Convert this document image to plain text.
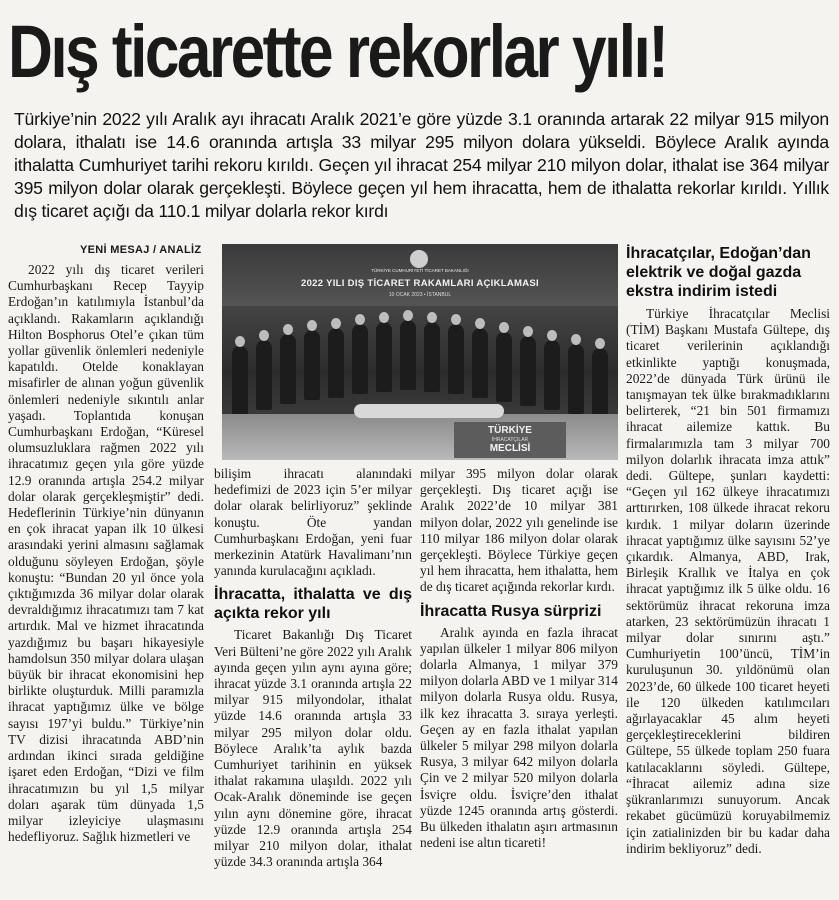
Dış ticarette rekorlar yılı!
Türkiye’nin 2022 yılı Aralık ayı ihracatı Aralık 2021’e göre yüzde 3.1 oranında artarak 22 milyar 915 milyon dolara, ithalatı ise 14.6 oranında artışla 33 milyar 295 milyon dolara yükseldi. Böylece Aralık ayında ithalatta Cumhuriyet tarihi rekoru kırıldı. Geçen yıl ihracat 254 milyar 210 milyon dolar, ithalat ise 364 milyar 395 milyon dolar olarak gerçekleşti. Böylece geçen yıl hem ihracatta, hem de ithalatta rekorlar kırıldı. Yıllık dış ticaret açığı da 110.1 milyar dolarla rekor kırdı
YENİ MESAJ / ANALİZ

2022 yılı dış ticaret verileri Cumhurbaşkanı Recep Tayyip Erdoğan’ın katılımıyla İstanbul’da açıklandı. Rakamların açıklandığı Hilton Bosphorus Otel’e çıkan tüm yollar güvenlik önlemleri nedeniyle kapatıldı. Otelde konaklayan misafirler de alınan yoğun güvenlik önlemleri nedeniyle sıkıntılı anlar yaşadı. Toplantıda konuşan Cumhurbaşkanı Erdoğan, “Küresel olumsuzluklara rağmen 2022 yılı ihracatımız geçen yıla göre yüzde 12.9 oranında artışla 254.2 milyar dolar olarak gerçekleşmiştir” dedi. Hedeflerinin Türkiye’nin dünyanın en çok ihracat yapan ilk 10 ülkesi arasındaki yerini almasını sağlamak olduğunu söyleyen Erdoğan, şöyle konuştu: “Bundan 20 yıl önce yola çıktığımızda 36 milyar dolar olarak devraldığımız ihracatımızı tam 7 kat artırdık. Mal ve hizmet ihracatında yazdığımız bu başarı hikayesiyle hamdolsun 350 milyar dolara ulaşan büyük bir ihracat ekonomisini hep birlikte oluşturduk. Milli paramızla ihracat yaptığımız ülke ve bölge sayısı 197’yi buldu.” Türkiye’nin TV dizisi ihracatında ABD’nin ardından ikinci sırada geldiğine işaret eden Erdoğan, “Dizi ve film ihracatımızın bu yıl 1,5 milyar doları aşarak tüm dünyada 1,5 milyar izleyiciye ulaşmasını hedefliyoruz. Sağlık hizmetleri ve

TÜRKİYE CUMHURİYETİ TİCARET BAKANLIĞI
2022 YILI DIŞ TİCARET RAKAMLARI AÇIKLAMASI
10 OCAK 2023 • İSTANBUL
TÜRKİYE
İHRACATÇILAR
MECLİSİ

bilişim ihracatı alanındaki hedefimizi de 2023 için 5’er milyar dolar olarak belirliyoruz” şeklinde konuştu. Öte yandan Cumhurbaşkanı Erdoğan, yeni fuar merkezinin Atatürk Havalimanı’nın yanında kurulacağını açıkladı.

İhracatta, ithalatta ve dış açıkta rekor yılı

Ticaret Bakanlığı Dış Ticaret Veri Bülteni’ne göre 2022 yılı Aralık ayında geçen yılın aynı ayına göre; ihracat yüzde 3.1 oranında artışla 22 milyar 915 milyondolar, ithalat yüzde 14.6 oranında artışla 33 milyar 295 milyon dolar oldu. Böylece Aralık’ta aylık bazda Cumhuriyet tarihinin en yüksek ithalat rakamına ulaşıldı. 2022 yılı Ocak-Aralık döneminde ise geçen yılın aynı dönemine göre, ihracat yüzde 12.9 oranında artışla 254 milyar 210 milyon dolar, ithalat yüzde 34.3 oranında artışla 364

milyar 395 milyon dolar olarak gerçekleşti. Dış ticaret açığı ise Aralık 2022’de 10 milyar 381 milyon dolar, 2022 yılı genelinde ise 110 milyar 186 milyon dolar olarak gerçekleşti. Böylece Türkiye geçen yıl hem ihracatta, hem ithalatta, hem de dış ticaret açığında rekorlar kırdı.

İhracatta Rusya sürprizi

Aralık ayında en fazla ihracat yapılan ülkeler 1 milyar 806 milyon dolarla Almanya, 1 milyar 379 milyon dolarla ABD ve 1 milyar 314 milyon dolarla Rusya oldu. Rusya, ilk kez ihracatta 3. sıraya yerleşti. Geçen ay en fazla ithalat yapılan ülkeler 5 milyar 298 milyon dolarla Rusya, 3 milyar 642 milyon dolarla Çin ve 2 milyar 520 milyon dolarla İsviçre oldu. İsviçre’den ithalat yüzde 1245 oranında artış gösterdi. Bu ülkeden ithalatın aşırı artmasının nedeni ise altın ticareti!

İhracatçılar, Edoğan’dan elektrik ve doğal gazda ekstra indirim istedi

Türkiye İhracatçılar Meclisi (TİM) Başkanı Mustafa Gültepe, dış ticaret verilerinin açıklandığı etkinlikte yaptığı konuşmada, 2022’de dünyada Türk ürünü ile tanışmayan tek ülke bırakmadıklarını belirterek, “21 bin 501 firmamızı ihracat ailemize kattık. Bu firmalarımızla tam 3 milyar 700 milyon dolarlık ihracata imza attık” dedi. Gültepe, şunları kaydetti: “Geçen yıl 162 ülkeye ihracatımızı arttırırken, 108 ülkede ihracat rekoru kırdık. 1 milyar doların üzerinde ihracat yaptığımız ülke sayısını 52’ye çıkardık. Almanya, ABD, Irak, Birleşik Krallık ve İtalya en çok ihracat yaptığımız ilk 5 ülke oldu. 16 sektörümüz ihracat rekoruna imza atarken, 23 sektörümüzün ihracatı 1 milyar dolar sınırını aştı.” Cumhuriyetin 100’üncü, TİM’in kuruluşunun 30. yıldönümü olan 2023’de, 60 ülkede 100 ticaret heyeti ile 120 ülkeden katılımcıları ağırlayacaklar 45 alım heyeti gerçekleştireceklerini bildiren Gültepe, 55 ülkede toplam 250 fuara katılacaklarını söyledi. Gültepe, “İhracat ailemiz adına size şükranlarımızı sunuyorum. Ancak rekabet gücümüzü koruyabilmemiz için zatialinizden bir bu kadar daha indirim bekliyoruz” dedi.
